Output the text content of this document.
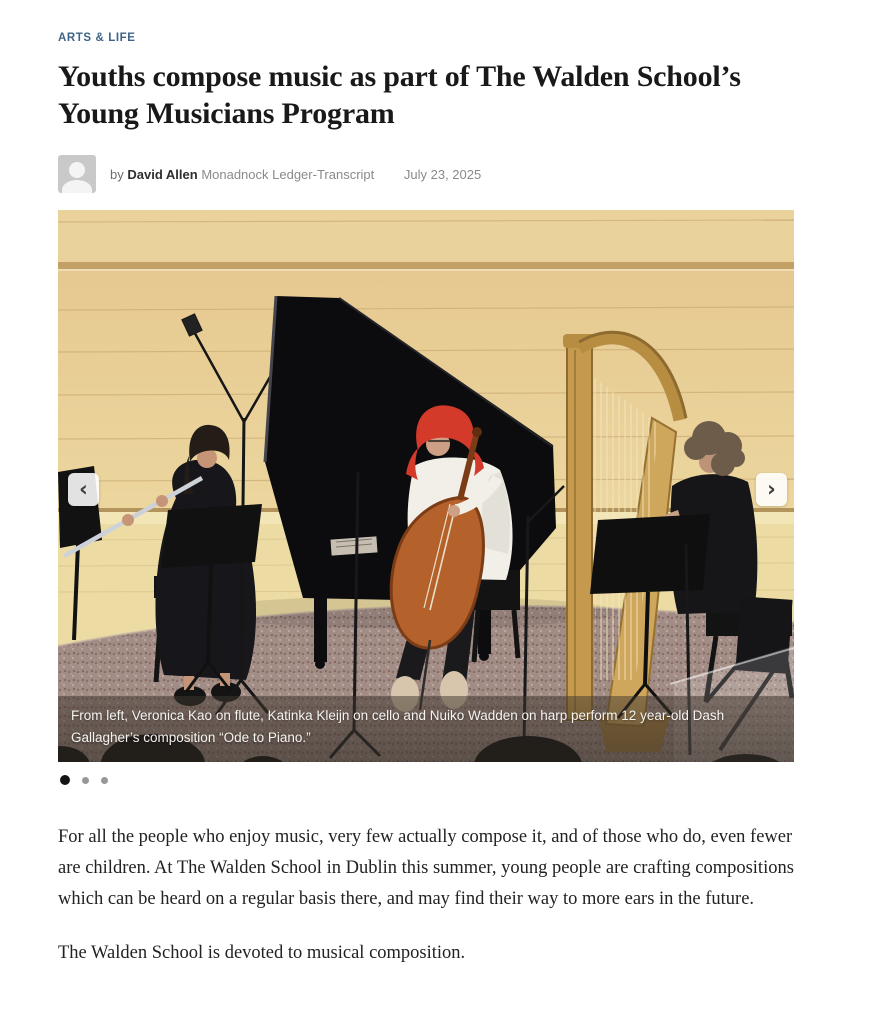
ARTS & LIFE
Youths compose music as part of The Walden School’s Young Musicians Program
by David Allen Monadnock Ledger-Transcript July 23, 2025
From left, Veronica Kao on flute, Katinka Kleijn on cello and Nuiko Wadden on harp perform 12 year-old Dash Gallagher’s composition “Ode to Piano.”
‹	›

For all the people who enjoy music, very few actually compose it, and of those who do, even fewer are children. At The Walden School in Dublin this summer, young people are crafting compositions which can be heard on a regular basis there, and may find their way to more ears in the future.

The Walden School is devoted to musical composition.
